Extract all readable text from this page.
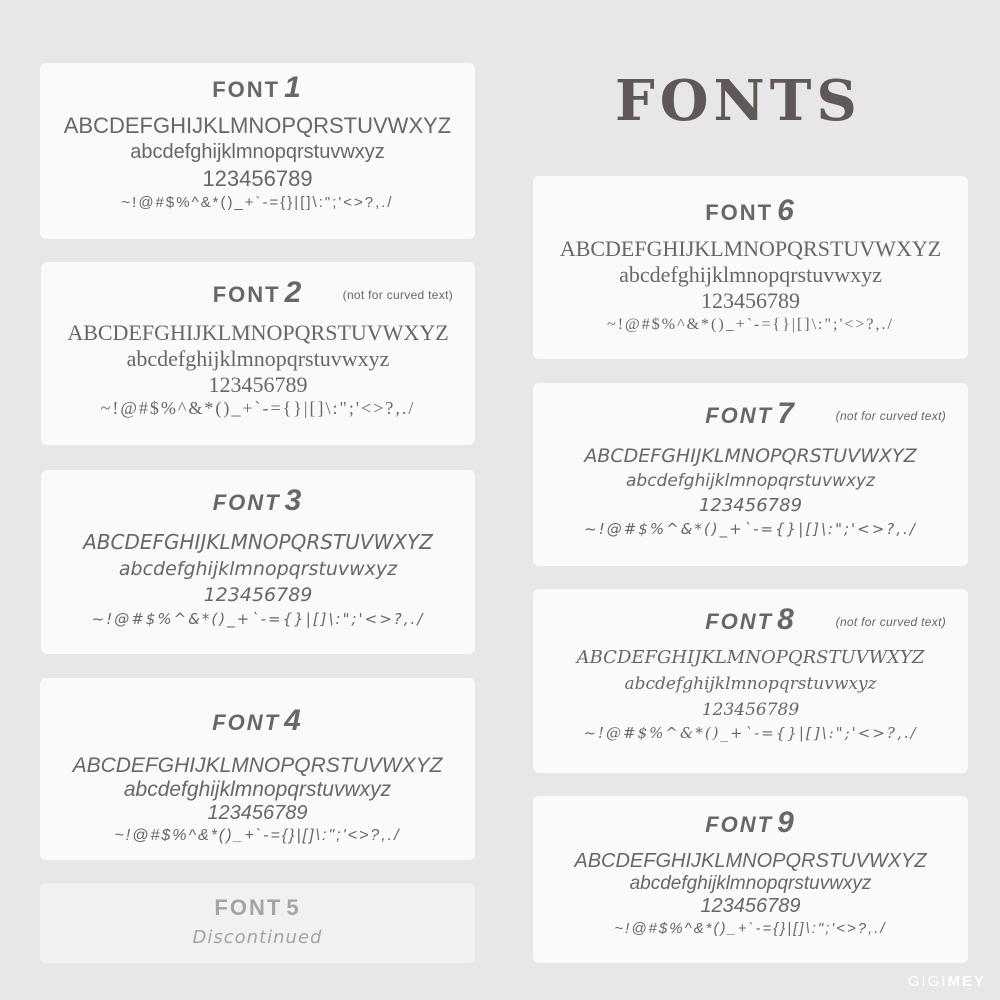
FONTS
FONT 1
ABCDEFGHIJKLMNOPQRSTUVWXYZ
abcdefghijklmnopqrstuvwxyz
123456789
~!@#$%^&*()_+`-={}|[]\:";'<>?,./
FONT 2	(not for curved text)
ABCDEFGHIJKLMNOPQRSTUVWXYZ
abcdefghijklmnopqrstuvwxyz
123456789
~!@#$%^&*()_+`-={}|[]\:";'<>?,./
FONT 3
ABCDEFGHIJKLMNOPQRSTUVWXYZ
abcdefghijklmnopqrstuvwxyz
123456789
~!@#$%^&*()_+`-={}|[]\:";'<>?,./
FONT 4
ABCDEFGHIJKLMNOPQRSTUVWXYZ
abcdefghijklmnopqrstuvwxyz
123456789
~!@#$%^&*()_+`-={}|[]\:";'<>?,./
FONT 5
Discontinued
FONT 6
ABCDEFGHIJKLMNOPQRSTUVWXYZ
abcdefghijklmnopqrstuvwxyz
123456789
~!@#$%^&*()_+`-={}|[]\:";'<>?,./
FONT 7	(not for curved text)
ABCDEFGHIJKLMNOPQRSTUVWXYZ
abcdefghijklmnopqrstuvwxyz
123456789
~!@#$%^&*()_+`-={}|[]\:";'<>?,./
FONT 8	(not for curved text)
ABCDEFGHIJKLMNOPQRSTUVWXYZ
abcdefghijklmnopqrstuvwxyz
123456789
~!@#$%^&*()_+`-={}|[]\:";'<>?,./
FONT 9
ABCDEFGHIJKLMNOPQRSTUVWXYZ
abcdefghijklmnopqrstuvwxyz
123456789
~!@#$%^&*()_+`-={}|[]\:";'<>?,./
GIGIMEY
